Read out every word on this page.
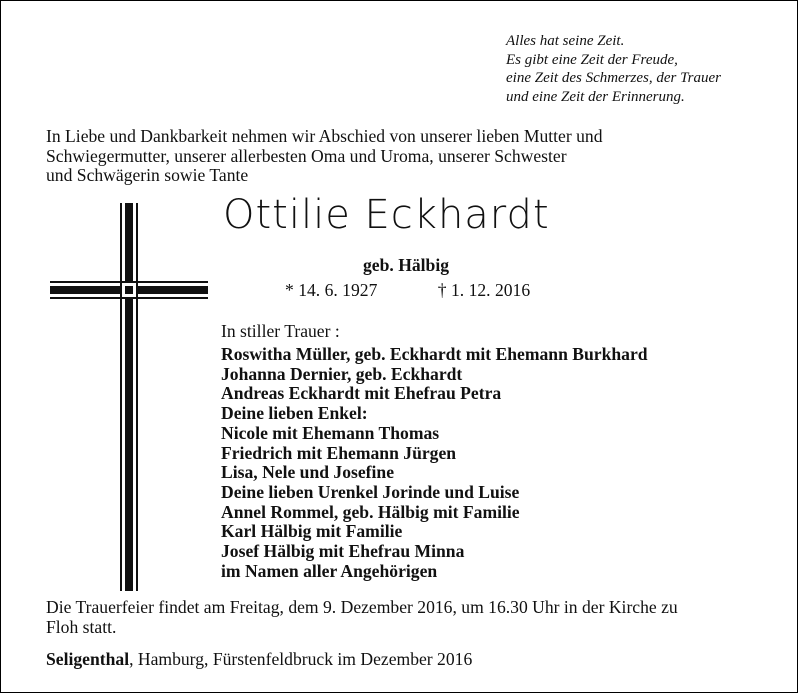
Alles hat seine Zeit.
Es gibt eine Zeit der Freude,
eine Zeit des Schmerzes, der Trauer
und eine Zeit der Erinnerung.
In Liebe und Dankbarkeit nehmen wir Abschied von unserer lieben Mutter und
Schwiegermutter, unserer allerbesten Oma und Uroma, unserer Schwester
und Schwägerin sowie Tante
Ottilie Eckhardt
geb. Hälbig
* 14. 6. 1927	† 1. 12. 2016
In stiller Trauer :
Roswitha Müller, geb. Eckhardt mit Ehemann Burkhard
Johanna Dernier, geb. Eckhardt
Andreas Eckhardt mit Ehefrau Petra
Deine lieben Enkel:
Nicole mit Ehemann Thomas
Friedrich mit Ehemann Jürgen
Lisa, Nele und Josefine
Deine lieben Urenkel Jorinde und Luise
Annel Rommel, geb. Hälbig mit Familie
Karl Hälbig mit Familie
Josef Hälbig mit Ehefrau Minna
im Namen aller Angehörigen
Die Trauerfeier findet am Freitag, dem 9. Dezember 2016, um 16.30 Uhr in der Kirche zu
Floh statt.
Seligenthal, Hamburg, Fürstenfeldbruck im Dezember 2016
